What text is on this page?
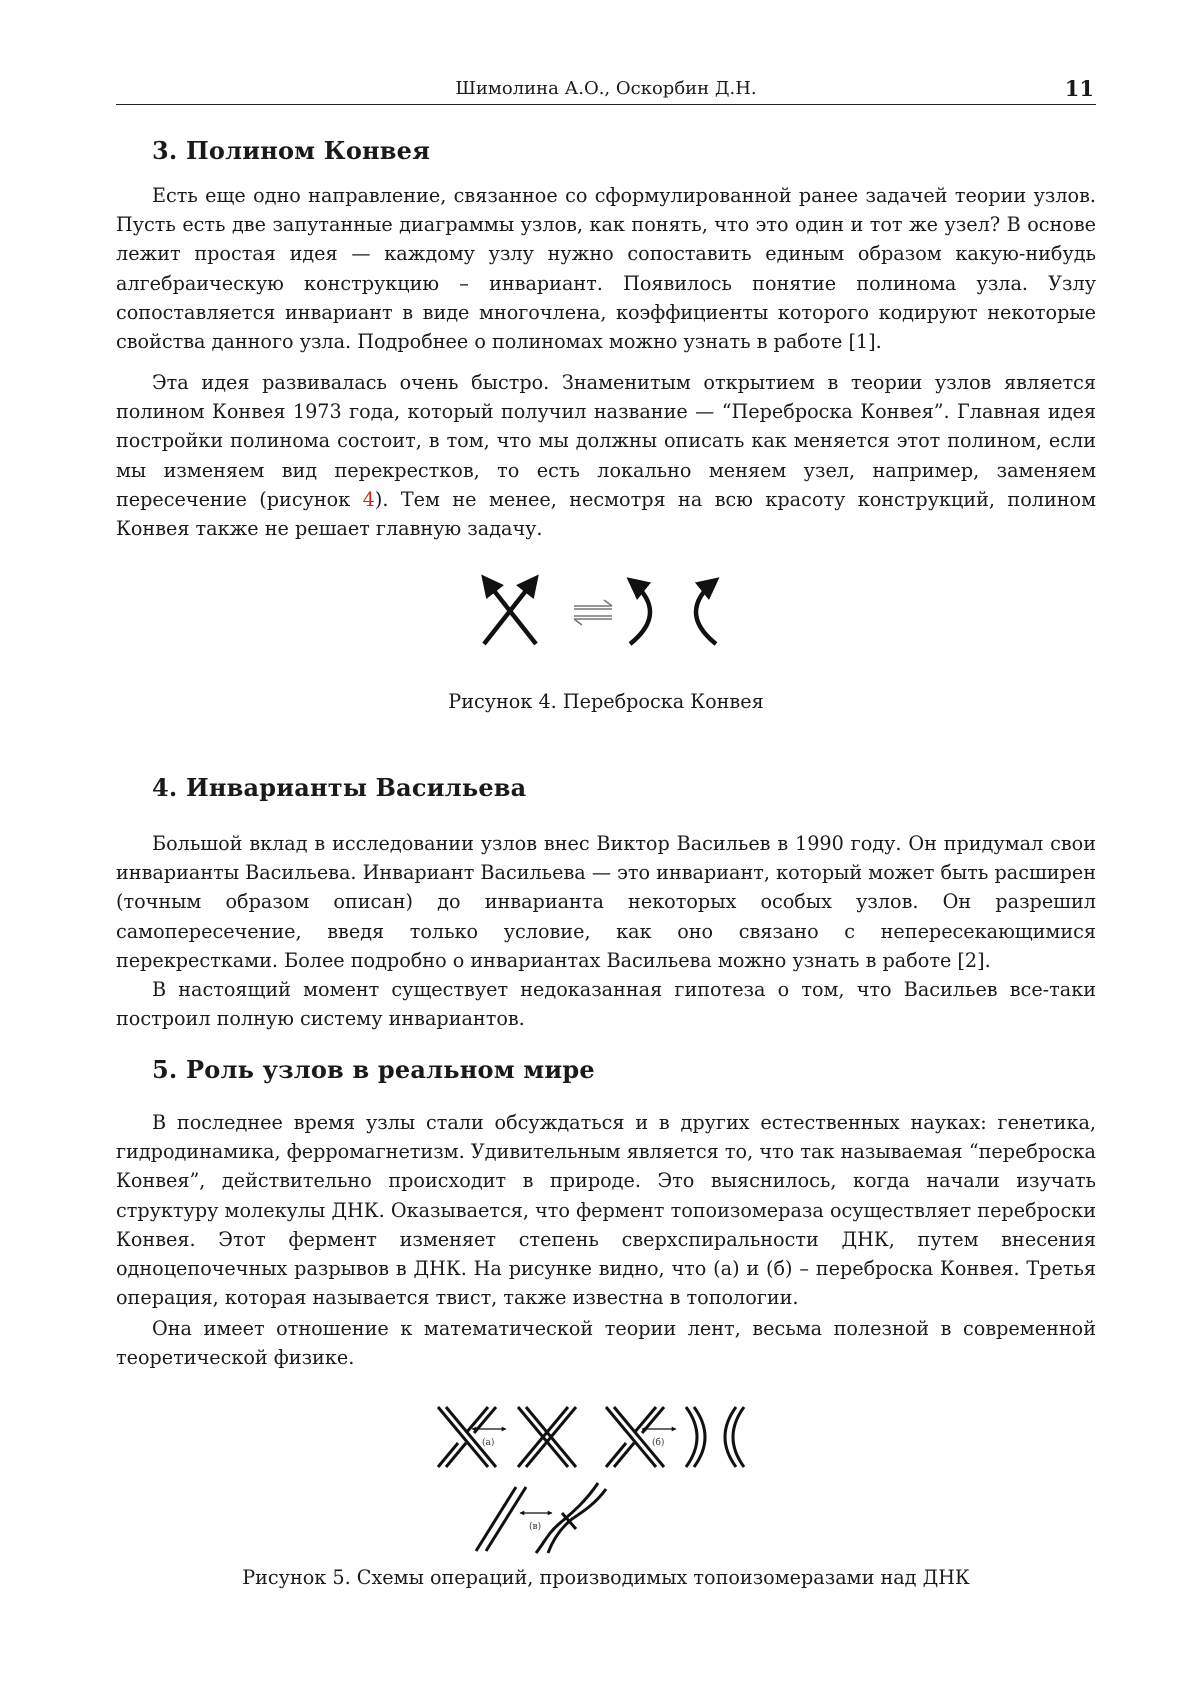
Шимолина А.О., Оскорбин Д.Н.	11
3. Полином Конвея

Есть еще одно направление, связанное со сформулированной ранее задачей теории узлов. Пусть есть две запутанные диаграммы узлов, как понять, что это один и тот же узел? В основе лежит простая идея — каждому узлу нужно сопоставить единым образом какую-нибудь алгебраическую конструкцию – инвариант. Появилось понятие полинома узла. Узлу сопоставляется инвариант в виде многочлена, коэффициенты которого кодируют некоторые свойства данного узла. Подробнее о полиномах можно узнать в работе [1].

Эта идея развивалась очень быстро. Знаменитым открытием в теории узлов является полином Конвея 1973 года, который получил название — “Переброска Конвея”. Главная идея постройки полинома состоит, в том, что мы должны описать как меняется этот полином, если мы изменяем вид перекрестков, то есть локально меняем узел, например, заменяем пересечение (рисунок 4). Тем не менее, несмотря на всю красоту конструкций, полином Конвея также не решает главную задачу.

Рисунок 4. Переброска Конвея
4. Инварианты Васильева

Большой вклад в исследовании узлов внес Виктор Васильев в 1990 году. Он придумал свои инварианты Васильева. Инвариант Васильева — это инвариант, который может быть расширен (точным образом описан) до инварианта некоторых особых узлов. Он разрешил самопересечение, введя только условие, как оно связано с непересекающимися перекрестками. Более подробно о инвариантах Васильева можно узнать в работе [2].

В настоящий момент существует недоказанная гипотеза о том, что Васильев все-таки построил полную систему инвариантов.

5. Роль узлов в реальном мире

В последнее время узлы стали обсуждаться и в других естественных науках: генетика, гидродинамика, ферромагнетизм. Удивительным является то, что так называемая “переброска Конвея”, действительно происходит в природе. Это выяснилось, когда начали изучать структуру молекулы ДНК. Оказывается, что фермент топоизомераза осуществляет переброски Конвея. Этот фермент изменяет степень сверхспиральности ДНК, путем внесения одноцепочечных разрывов в ДНК. На рисунке видно, что (а) и (б) – переброска Конвея. Третья операция, которая называется твист, также известна в топологии.

Она имеет отношение к математической теории лент, весьма полезной в современной теоретической физике.

(а)	(б)
(в)
Рисунок 5. Схемы операций, производимых топоизомеразами над ДНК
